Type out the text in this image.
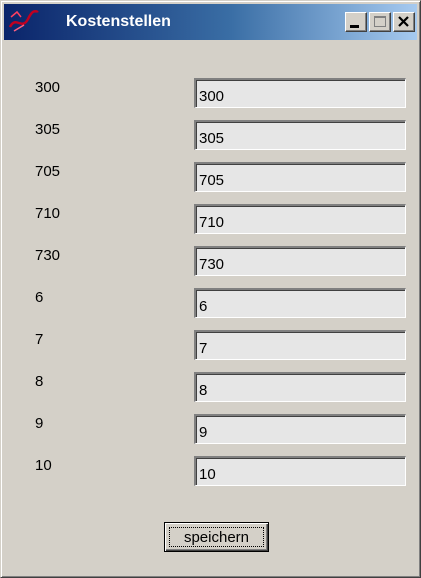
Kostenstellen
300
300
305
305
705
705
710
710
730
730
6
6
7
7
8
8
9
9
10
10
speichern
